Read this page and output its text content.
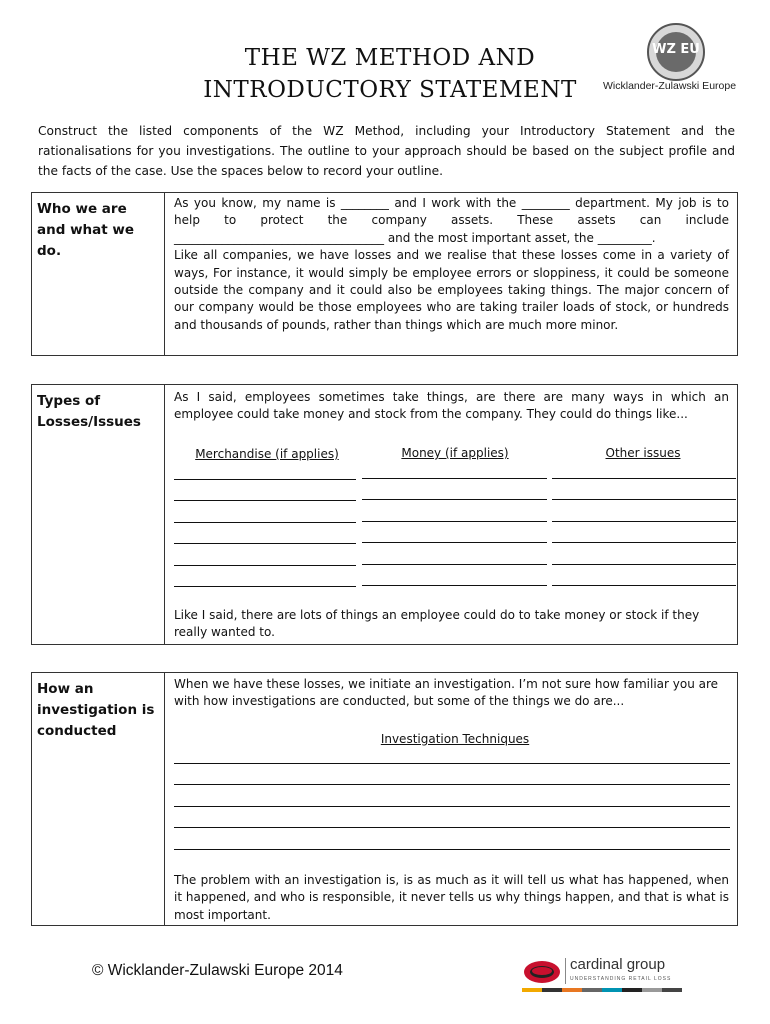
THE WZ METHOD AND
INTRODUCTORY STATEMENT
WZ EU
Wicklander-Zulawski Europe
Construct the listed components of the WZ Method, including your Introductory Statement and the rationalisations for you investigations. The outline to your approach should be based on the subject profile and the facts of the case. Use the spaces below to record your outline.
Who we are and what we do.
As you know, my name is ________ and I work with the ________ department. My job is to help to protect the company assets. These assets can include ___________________________________ and the most important asset, the _________.
Like all companies, we have losses and we realise that these losses come in a variety of ways, For instance, it would simply be employee errors or sloppiness, it could be someone outside the company and it could also be employees taking things. The major concern of our company would be those employees who are taking trailer loads of stock, or hundreds and thousands of pounds, rather than things which are much more minor.
Types of Losses/Issues
As I said, employees sometimes take things, are there are many ways in which an employee could take money and stock from the company. They could do things like...
Merchandise (if applies)	Money (if applies)	Other issues
Like I said, there are lots of things an employee could do to take money or stock if they really wanted to.
How an investigation is conducted
When we have these losses, we initiate an investigation. I’m not sure how familiar you are with how investigations are conducted, but some of the things we do are...
Investigation Techniques
The problem with an investigation is, is as much as it will tell us what has happened, when it happened, and who is responsible, it never tells us why things happen, and that is what is most important.
© Wicklander-Zulawski Europe 2014	cardinal group
UNDERSTANDING RETAIL LOSS
